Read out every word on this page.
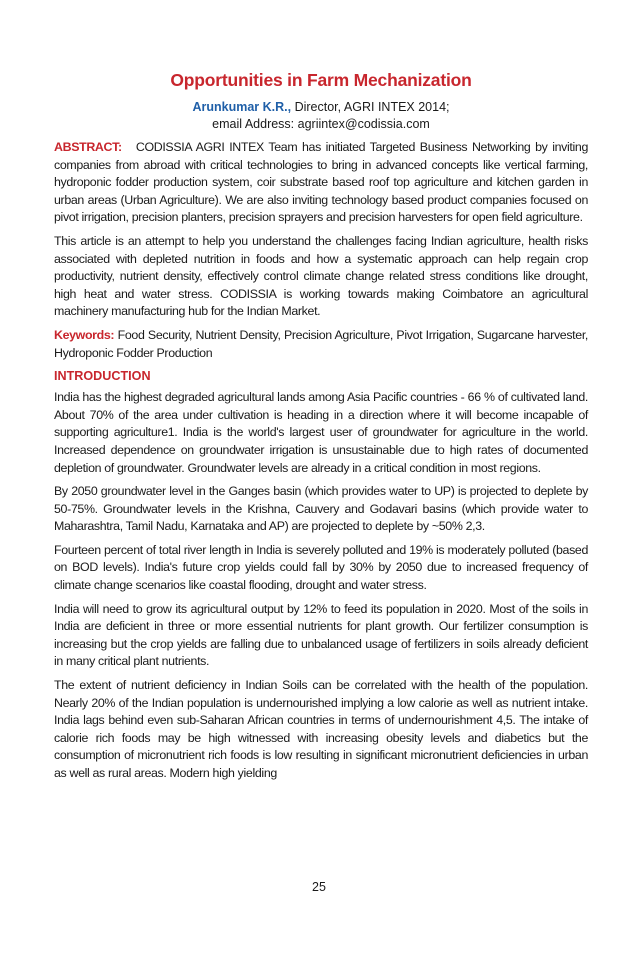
Opportunities in Farm Mechanization

Arunkumar K.R., Director, AGRI INTEX 2014;

email Address: agriintex@codissia.com

ABSTRACT: CODISSIA AGRI INTEX Team has initiated Targeted Business Networking by inviting companies from abroad with critical technologies to bring in advanced concepts like vertical farming, hydroponic fodder production system, coir substrate based roof top agriculture and kitchen garden in urban areas (Urban Agriculture). We are also inviting technology based product companies focused on pivot irrigation, precision planters, precision sprayers and precision harvesters for open field agriculture.

This article is an attempt to help you understand the challenges facing Indian agriculture, health risks associated with depleted nutrition in foods and how a systematic approach can help regain crop productivity, nutrient density, effectively control climate change related stress conditions like drought, high heat and water stress. CODISSIA is working towards making Coimbatore an agricultural machinery manufacturing hub for the Indian Market.

Keywords: Food Security, Nutrient Density, Precision Agriculture, Pivot Irrigation, Sugarcane harvester, Hydroponic Fodder Production

INTRODUCTION

India has the highest degraded agricultural lands among Asia Pacific countries - 66 % of cultivated land. About 70% of the area under cultivation is heading in a direction where it will become incapable of supporting agriculture1. India is the world's largest user of groundwater for agriculture in the world. Increased dependence on groundwater irrigation is unsustainable due to high rates of documented depletion of groundwater. Groundwater levels are already in a critical condition in most regions.

By 2050 groundwater level in the Ganges basin (which provides water to UP) is projected to deplete by 50-75%. Groundwater levels in the Krishna, Cauvery and Godavari basins (which provide water to Maharashtra, Tamil Nadu, Karnataka and AP) are projected to deplete by ~50% 2,3.

Fourteen percent of total river length in India is severely polluted and 19% is moderately polluted (based on BOD levels). India's future crop yields could fall by 30% by 2050 due to increased frequency of climate change scenarios like coastal flooding, drought and water stress.

India will need to grow its agricultural output by 12% to feed its population in 2020. Most of the soils in India are deficient in three or more essential nutrients for plant growth. Our fertilizer consumption is increasing but the crop yields are falling due to unbalanced usage of fertilizers in soils already deficient in many critical plant nutrients.

The extent of nutrient deficiency in Indian Soils can be correlated with the health of the population. Nearly 20% of the Indian population is undernourished implying a low calorie as well as nutrient intake. India lags behind even sub-Saharan African countries in terms of undernourishment 4,5. The intake of calorie rich foods may be high witnessed with increasing obesity levels and diabetics but the consumption of micronutrient rich foods is low resulting in significant micronutrient deficiencies in urban as well as rural areas. Modern high yielding

25
